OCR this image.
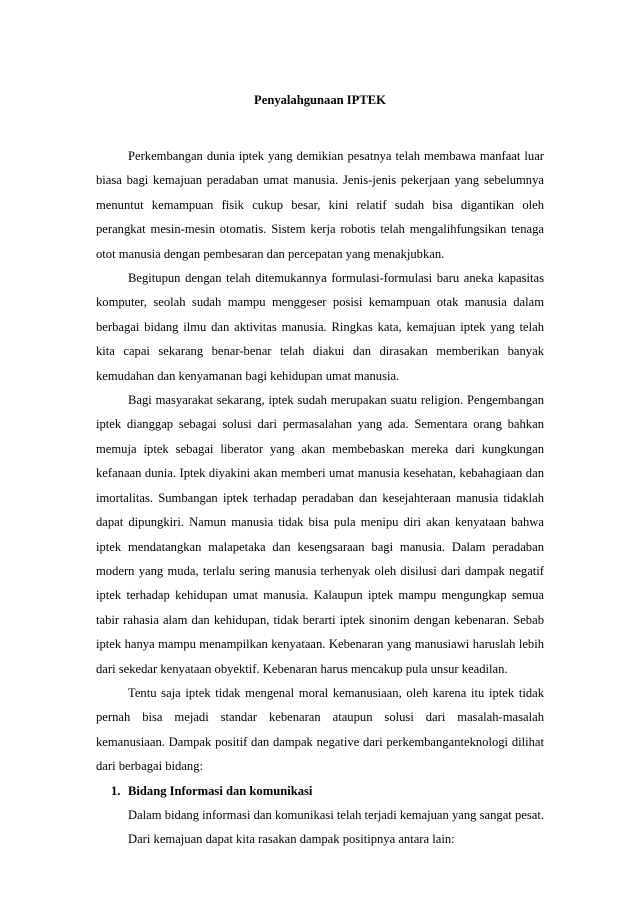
Penyalahgunaan IPTEK

Perkembangan dunia iptek yang demikian pesatnya telah membawa manfaat luar biasa bagi kemajuan peradaban umat manusia. Jenis-jenis pekerjaan yang sebelumnya menuntut kemampuan fisik cukup besar, kini relatif sudah bisa digantikan oleh perangkat mesin-mesin otomatis. Sistem kerja robotis telah mengalihfungsikan tenaga otot manusia dengan pembesaran dan percepatan yang menakjubkan.

Begitupun dengan telah ditemukannya formulasi-formulasi baru aneka kapasitas komputer, seolah sudah mampu menggeser posisi kemampuan otak manusia dalam berbagai bidang ilmu dan aktivitas manusia. Ringkas kata, kemajuan iptek yang telah kita capai sekarang benar-benar telah diakui dan dirasakan memberikan banyak kemudahan dan kenyamanan bagi kehidupan umat manusia.

Bagi masyarakat sekarang, iptek sudah merupakan suatu religion. Pengembangan iptek dianggap sebagai solusi dari permasalahan yang ada. Sementara orang bahkan memuja iptek sebagai liberator yang akan membebaskan mereka dari kungkungan kefanaan dunia. Iptek diyakini akan memberi umat manusia kesehatan, kebahagiaan dan imortalitas. Sumbangan iptek terhadap peradaban dan kesejahteraan manusia tidaklah dapat dipungkiri. Namun manusia tidak bisa pula menipu diri akan kenyataan bahwa iptek mendatangkan malapetaka dan kesengsaraan bagi manusia. Dalam peradaban modern yang muda, terlalu sering manusia terhenyak oleh disilusi dari dampak negatif iptek terhadap kehidupan umat manusia. Kalaupun iptek mampu mengungkap semua tabir rahasia alam dan kehidupan, tidak berarti iptek sinonim dengan kebenaran. Sebab iptek hanya mampu menampilkan kenyataan. Kebenaran yang manusiawi haruslah lebih dari sekedar kenyataan obyektif. Kebenaran harus mencakup pula unsur keadilan.

Tentu saja iptek tidak mengenal moral kemanusiaan, oleh karena itu iptek tidak pernah bisa mejadi standar kebenaran ataupun solusi dari masalah-masalah kemanusiaan. Dampak positif dan dampak negative dari perkembanganteknologi dilihat dari berbagai bidang:

1. Bidang Informasi dan komunikasi
Dalam bidang informasi dan komunikasi telah terjadi kemajuan yang sangat pesat. Dari kemajuan dapat kita rasakan dampak positipnya antara lain:
